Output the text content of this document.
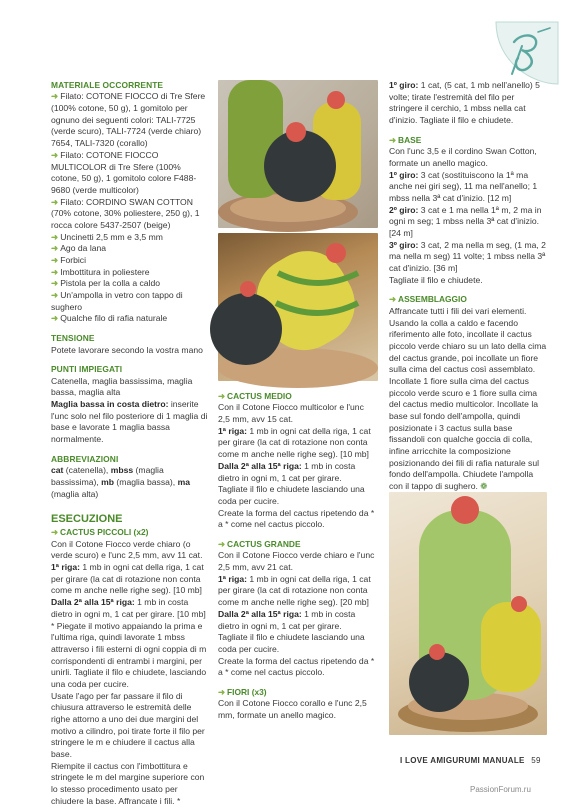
MATERIALE OCCORRENTE
➜ Filato: COTONE FIOCCO di Tre Sfere (100% cotone, 50 g), 1 gomitolo per ognuno dei seguenti colori: TALI-7725 (verde scuro), TALI-7724 (verde chiaro) 7654, TALI-7320 (corallo)
➜ Filato: COTONE FIOCCO MULTICOLOR di Tre Sfere (100% cotone, 50 g), 1 gomitolo colore F488-9680 (verde multicolor)
➜ Filato: CORDINO SWAN COTTON (70% cotone, 30% poliestere, 250 g), 1 rocca colore 5437-2507 (beige)
➜ Uncinetti 2,5 mm e 3,5 mm
➜ Ago da lana
➜ Forbici
➜ Imbottitura in poliestere
➜ Pistola per la colla a caldo
➜ Un'ampolla in vetro con tappo di sughero
➜ Qualche filo di rafia naturale
TENSIONE
Potete lavorare secondo la vostra mano
PUNTI IMPIEGATI
Catenella, maglia bassissima, maglia bassa, maglia alta
Maglia bassa in costa dietro: inserite l'unc solo nel filo posteriore di 1 maglia di base e lavorate 1 maglia bassa normalmente.
ABBREVIAZIONI
cat (catenella), mbss (maglia bassissima), mb (maglia bassa), ma (maglia alta)
ESECUZIONE
➜ CACTUS PICCOLI (x2)
Con il Cotone Fiocco verde chiaro (o verde scuro) e l'unc 2,5 mm, avv 11 cat.
1ª riga: 1 mb in ogni cat della riga, 1 cat per girare (la cat di rotazione non conta come m anche nelle righe seg). [10 mb]
Dalla 2ª alla 15ª riga: 1 mb in costa dietro in ogni m, 1 cat per girare. [10 mb]
* Piegate il motivo appaiando la prima e l'ultima riga, quindi lavorate 1 mbss attraverso i fili esterni di ogni coppia di m corrispondenti di entrambi i margini, per unirli. Tagliate il filo e chiudete, lasciando una coda per cucire.
Usate l'ago per far passare il filo di chiusura attraverso le estremità delle righe attorno a uno dei due margini del motivo a cilindro, poi tirate forte il filo per stringere le m e chiudere il cactus alla base.
Riempite il cactus con l'imbottitura e stringete le m del margine superiore con lo stesso procedimento usato per chiudere la base. Affrancate i fili. *
➜ CACTUS MEDIO
Con il Cotone Fiocco multicolor e l'unc 2,5 mm, avv 15 cat.
1ª riga: 1 mb in ogni cat della riga, 1 cat per girare (la cat di rotazione non conta come m anche nelle righe seg). [10 mb]
Dalla 2ª alla 15ª riga: 1 mb in costa dietro in ogni m, 1 cat per girare.
Tagliate il filo e chiudete lasciando una coda per cucire.
Create la forma del cactus ripetendo da * a * come nel cactus piccolo.
➜ CACTUS GRANDE
Con il Cotone Fiocco verde chiaro e l'unc 2,5 mm, avv 21 cat.
1ª riga: 1 mb in ogni cat della riga, 1 cat per girare (la cat di rotazione non conta come m anche nelle righe seg). [20 mb]
Dalla 2ª alla 15ª riga: 1 mb in costa dietro in ogni m, 1 cat per girare.
Tagliate il filo e chiudete lasciando una coda per cucire.
Create la forma del cactus ripetendo da * a * come nel cactus piccolo.
➜ FIORI (x3)
Con il Cotone Fiocco corallo e l'unc 2,5 mm, formate un anello magico.
1º giro: 1 cat, (5 cat, 1 mb nell'anello) 5 volte; tirate l'estremità del filo per stringere il cerchio, 1 mbss nella cat d'inizio. Tagliate il filo e chiudete.
➜ BASE
Con l'unc 3,5 e il cordino Swan Cotton, formate un anello magico.
1º giro: 3 cat (sostituiscono la 1ª ma anche nei giri seg), 11 ma nell'anello; 1 mbss nella 3ª cat d'inizio. [12 m]
2º giro: 3 cat e 1 ma nella 1ª m, 2 ma in ogni m seg; 1 mbss nella 3ª cat d'inizio. [24 m]
3º giro: 3 cat, 2 ma nella m seg, (1 ma, 2 ma nella m seg) 11 volte; 1 mbss nella 3ª cat d'inizio. [36 m]
Tagliate il filo e chiudete.
➜ ASSEMBLAGGIO
Affrancate tutti i fili dei vari elementi. Usando la colla a caldo e facendo riferimento alle foto, incollate il cactus piccolo verde chiaro su un lato della cima del cactus grande, poi incollate un fiore sulla cima del cactus così assemblato. Incollate 1 fiore sulla cima del cactus piccolo verde scuro e 1 fiore sulla cima del cactus medio multicolor. Incollate la base sul fondo dell'ampolla, quindi posizionate i 3 cactus sulla base fissandoli con qualche goccia di colla, infine arricchite la composizione posizionando dei fili di rafia naturale sul fondo dell'ampolla. Chiudete l'ampolla con il tappo di sughero. ❁
I LOVE AMIGURUMI MANUALE 59
PassionForum.ru
